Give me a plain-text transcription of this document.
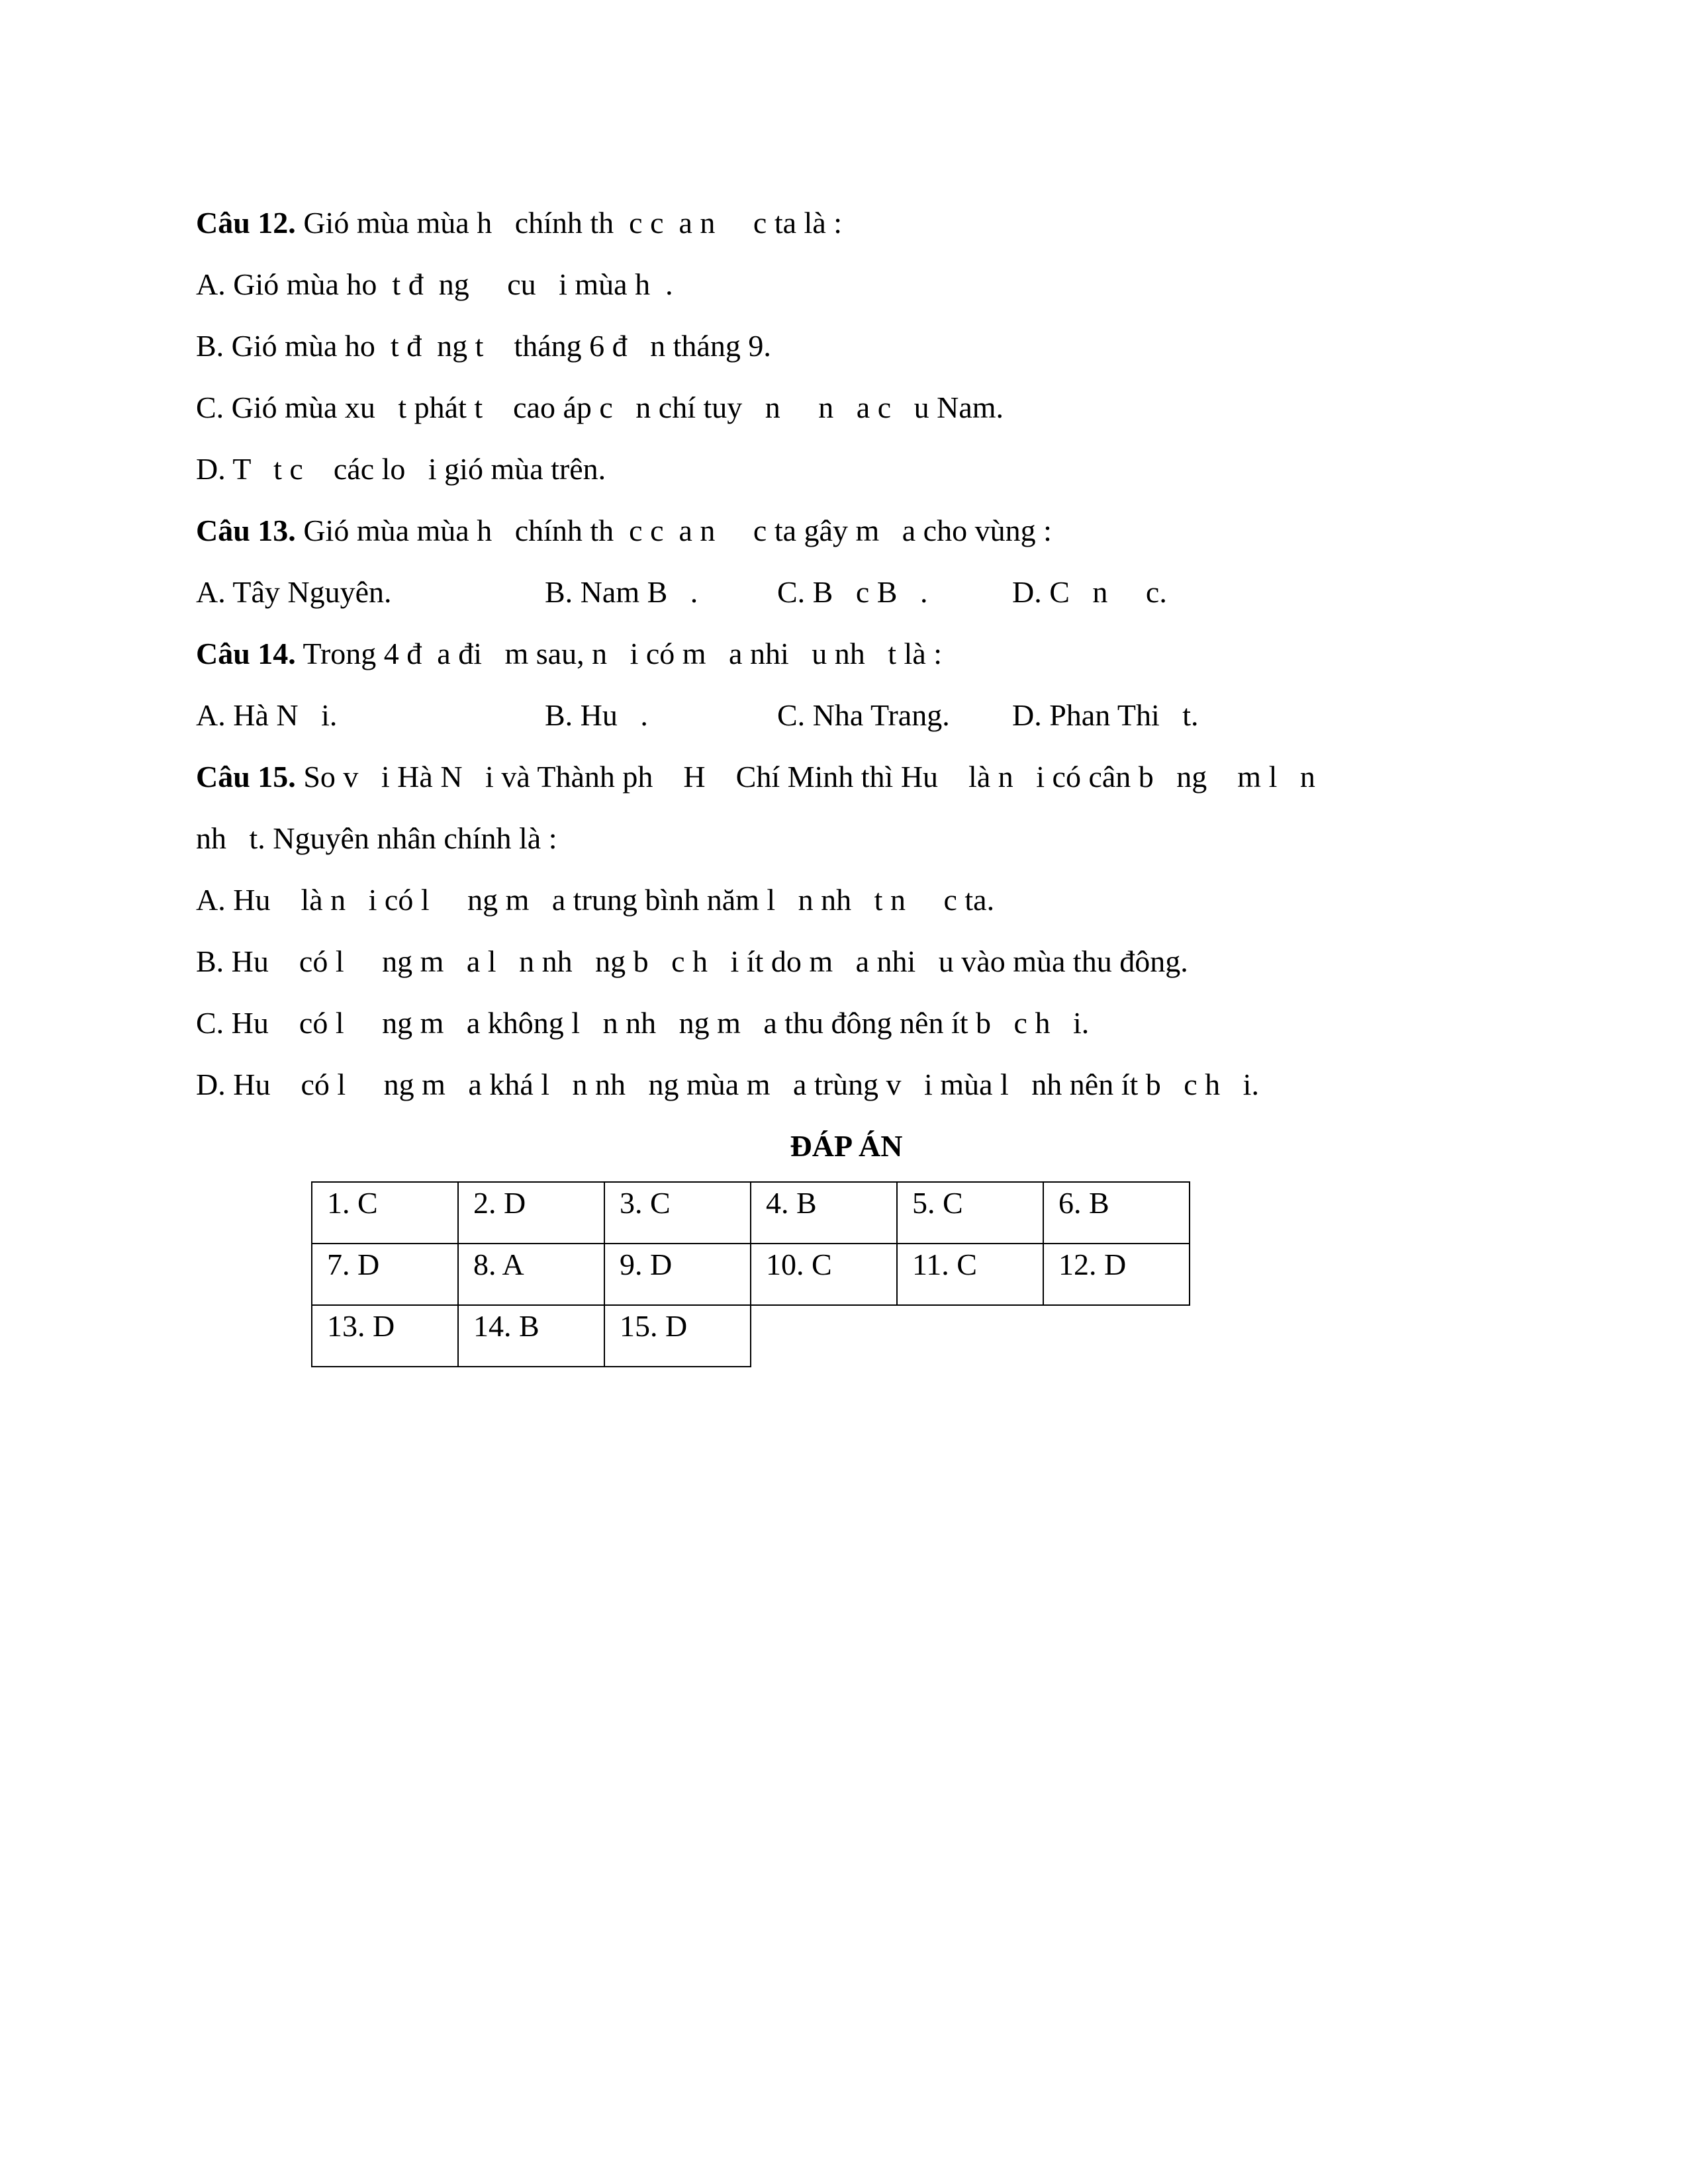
Câu 12. Gió mùa mùa h   chính th  c c  a n     c ta là :

A. Gió mùa ho  t đ  ng     cu   i mùa h  .

B. Gió mùa ho  t đ  ng t    tháng 6 đ   n tháng 9.

C. Gió mùa xu   t phát t    cao áp c   n chí tuy   n     n   a c   u Nam.

D. T   t c    các lo   i gió mùa trên.

Câu 13. Gió mùa mùa h   chính th  c c  a n     c ta gây m   a cho vùng :

A. Tây Nguyên.

	B. Nam B   .

	C. B   c B   .

	D. C   n     c.

Câu 14. Trong 4 đ  a đi   m sau, n   i có m   a nhi   u nh   t là :

A. Hà N   i.

	B. Hu   .

	C. Nha Trang.

D. Phan Thi   t.

Câu 15. So v   i Hà N   i và Thành ph    H    Chí Minh thì Hu    là n   i có cân b   ng    m l   n

nh   t. Nguyên nhân chính là :

A. Hu    là n   i có l     ng m   a trung bình năm l   n nh   t n     c ta.

B. Hu    có l     ng m   a l   n nh   ng b   c h   i ít do m   a nhi   u vào mùa thu đông.

C. Hu    có l     ng m   a không l   n nh   ng m   a thu đông nên ít b   c h   i.

D. Hu    có l     ng m   a khá l   n nh   ng mùa m   a trùng v   i mùa l   nh nên ít b   c h   i.

ĐÁP ÁN

1. C	2. D	3. C	4. B	5. C	6. B
7. D	8. A	9. D	10. C	11. C	12. D
13. D	14. B	15. D			
